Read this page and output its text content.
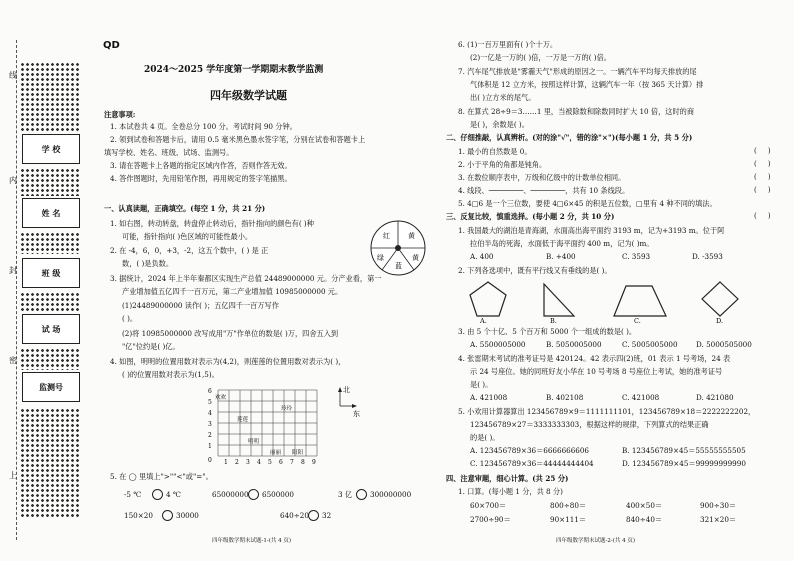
线
内
封
密
上
学 校
姓 名
班 级
试 场
监测号
QD
2024～2025 学年度第一学期期末教学监测
四年级数学试题
注意事项:
1. 本试卷共 4 页。全卷总分 100 分。考试时间 90 分钟。
2. 领到试卷和答题卡后，请用 0.5 毫米黑色墨水签字笔，分别在试卷和答题卡上
填写学校、姓名、班级、试场、监测号。
3. 请在答题卡上各题的指定区域内作答，否则作答无效。
4. 答作图题时，先用铅笔作图，再用规定的签字笔描黑。
一、认真读题，正确填空。(每空 1 分，共 21 分)
1. 如右图，转动转盘，转盘停止转动后，指针指向的颜色有( )种
可能，指针指向( )色区域的可能性最小。	黄
红
绿
蓝
黄
2. 在 -4，6，0，+3，-2，这五个数中，( ) 是 正
数，( )是负数。
3. 据统计，2024 年上半年秦都区实现生产总值 24489000000 元。分产业看，第一
产业增加值五亿四千一百万元，第二产业增加值 10985000000 元。
(1)24489000000 读作( )；五亿四千一百万写作
( )。
(2)将 10985000000 改写成用"万"作单位的数是( )万，四舍五入到
"亿"位约是( )亿。
4. 如图，明明的位置用数对表示为(4,2)，则莲莲的位置用数对表示为( )，
( )的位置用数对表示为(1,5)。
6
5
4
3
2
1
0 1 2 3 4 5 6 7 8 9
欢欢
莲莲
玲玲
明明
丽丽 阳阳
北
东
5. 在 ◯ 里填上">""<"或"="。
-5 ℃	4 ℃	65000000 6500000	3 亿 300000000
150×20	30000	640÷20 32
四年级数学期末试题-1-(共 4 页)
6. (1)一百万里面有( )个十万。
(2)一亿是一万的( )倍，一万是一万的( )倍。
7. 汽车尾气排放是"雾霾天气"形成的原因之一。一辆汽车平均每天排放的尾
气体积是 12 立方米，按照这样计算，这辆汽车一年（按 365 天计算）排
出( )立方米的尾气。
8. 在算式 28÷9＝3……1 里，当被除数和除数同时扩大 10 倍，这时的商
是( )，余数是( )。
二、仔细推敲，认真辨析。(对的涂"√"，错的涂"×")(每小题 1 分，共 5 分)
1. 最小的自然数是 0。	(     )
2. 小于平角的角都是钝角。	(     )
3. 在数位顺序表中，万级和亿级中的计数单位相同。	(     )
4. 线段、────────、────────，共有 10 条线段。	(     )
5. 4□6 是一个三位数，要使 4□6×45 的积是五位数，□里有 4 种不同的填法。
(     )
三、反复比较，慎重选择。(每小题 2 分，共 10 分)
1. 我国最大的湖泊是青海湖，水面高出海平面约 3193 m，记为+3193 m。位于阿
拉伯半岛的死海，水面低于海平面约 400 m，记为( )m。
A. 400	B. +400	C. 3593	D. -3593
2. 下列各选项中，既有平行线又有垂线的是( )。
A.	B.	C.	D.
3. 由 5 个十亿、5 个百万和 5000 个一组成的数是( )。
A. 5500005000	B. 5050005000	C. 5005005000	D. 5000505000
4. 张雷期末考试的准考证号是 420124。42 表示四(2)班，01 表示 1 号考场，24 表
示 24 号座位。她的同班好友小华在 10 号考场 8 号座位上考试，她的准考证号
是( )。
A. 421008	B. 402108	C. 421008	D. 421080
5. 小欢用计算器算出 123456789×9＝1111111101，123456789×18＝2222222202，
123456789×27＝3333333303，根据这样的规律，下列算式的结果正确
的是( )。
A. 123456789×36＝6666666606	B. 123456789×45＝55555555505
C. 123456789×36＝44444444404	D. 123456789×45＝99999999990
四、注意审题，细心计算。(共 25 分)
1. 口算。(每小题 1 分，共 8 分)
60×700＝	800÷80＝	400×50＝	900÷30＝
2700÷90＝	90×111＝	840÷40＝	321×20＝
四年级数学期末试题-2-(共 4 页)
